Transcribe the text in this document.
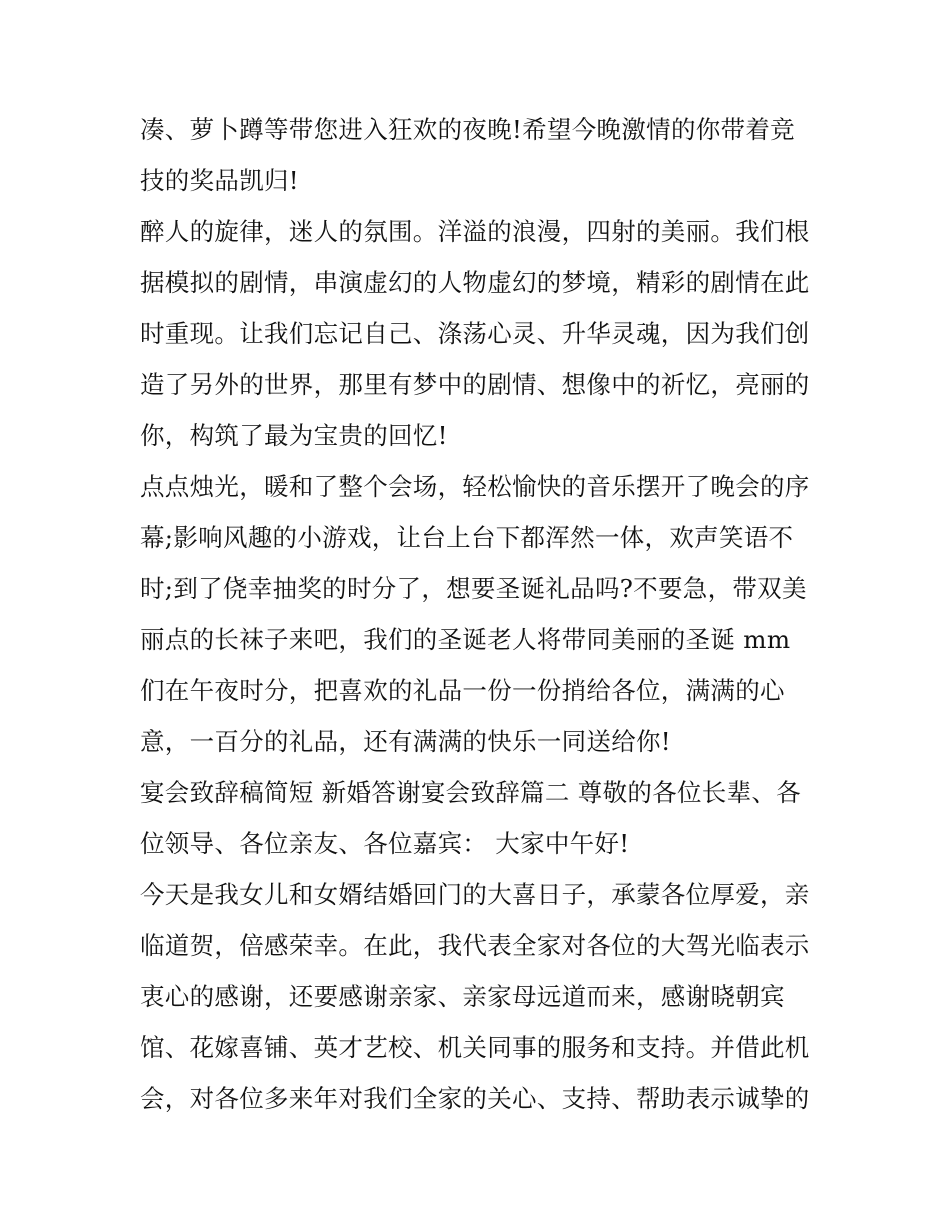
凑、萝卜蹲等带您进入狂欢的夜晚!希望今晚激情的你带着竞
技的奖品凯归!
醉人的旋律，迷人的氛围。洋溢的浪漫，四射的美丽。我们根
据模拟的剧情，串演虚幻的人物虚幻的梦境，精彩的剧情在此
时重现。让我们忘记自己、涤荡心灵、升华灵魂，因为我们创
造了另外的世界，那里有梦中的剧情、想像中的祈忆，亮丽的
你，构筑了最为宝贵的回忆!
点点烛光，暖和了整个会场，轻松愉快的音乐摆开了晚会的序
幕;影响风趣的小游戏，让台上台下都浑然一体，欢声笑语不
时;到了侥幸抽奖的时分了，想要圣诞礼品吗?不要急，带双美
丽点的长袜子来吧，我们的圣诞老人将带同美丽的圣诞 mm
们在午夜时分，把喜欢的礼品一份一份捎给各位，满满的心
意，一百分的礼品，还有满满的快乐一同送给你!
宴会致辞稿简短 新婚答谢宴会致辞篇二 尊敬的各位长辈、各
位领导、各位亲友、各位嘉宾： 大家中午好!
今天是我女儿和女婿结婚回门的大喜日子，承蒙各位厚爱，亲
临道贺，倍感荣幸。在此，我代表全家对各位的大驾光临表示
衷心的感谢，还要感谢亲家、亲家母远道而来，感谢晓朝宾
馆、花嫁喜铺、英才艺校、机关同事的服务和支持。并借此机
会，对各位多来年对我们全家的关心、支持、帮助表示诚挚的
